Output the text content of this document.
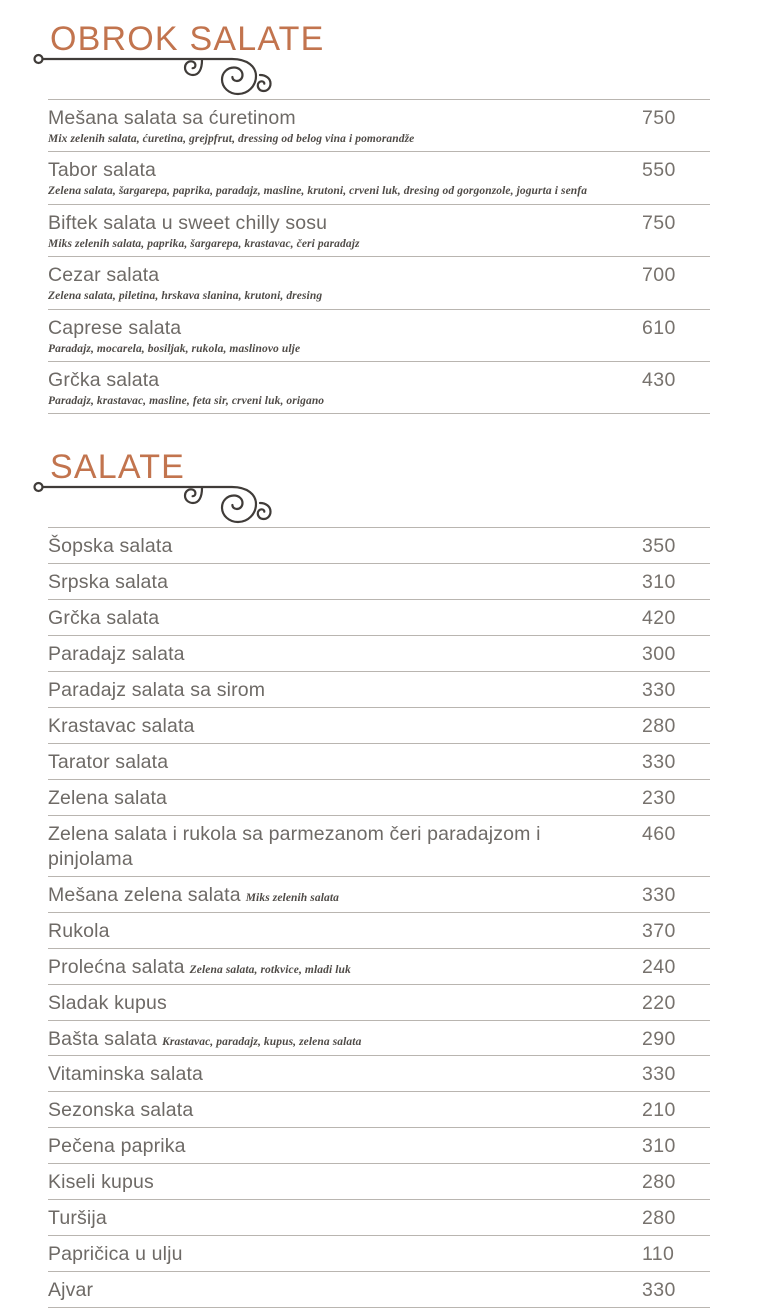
OBROK SALATE
Mešana salata sa ćuretinom
Mix zelenih salata, ćuretina, grejpfrut, dressing od belog vina i pomorandže
750
Tabor salata
Zelena salata, šargarepa, paprika, paradajz, masline, krutoni, crveni luk, dresing od gorgonzole, jogurta i senfa
550
Biftek salata u sweet chilly sosu
Miks zelenih salata, paprika, šargarepa, krastavac, čeri paradajz
750
Cezar salata
Zelena salata, piletina, hrskava slanina, krutoni, dresing
700
Caprese salata
Paradajz, mocarela, bosiljak, rukola, maslinovo ulje
610
Grčka salata
Paradajz, krastavac, masline, feta sir, crveni luk, origano
430
SALATE
Šopska salata	350
Srpska salata	310
Grčka salata	420
Paradajz salata	300
Paradajz salata sa sirom	330
Krastavac salata	280
Tarator salata	330
Zelena salata	230
Zelena salata i rukola sa parmezanom čeri paradajzom i pinjolama
460
Mešana zelena salata Miks zelenih salata	330
Rukola	370
Prolećna salata Zelena salata, rotkvice, mladi luk	240
Sladak kupus	220
Bašta salata Krastavac, paradajz, kupus, zelena salata	290
Vitaminska salata	330
Sezonska salata	210
Pečena paprika	310
Kiseli kupus	280
Turšija	280
Papričica u ulju	110
Ajvar	330
